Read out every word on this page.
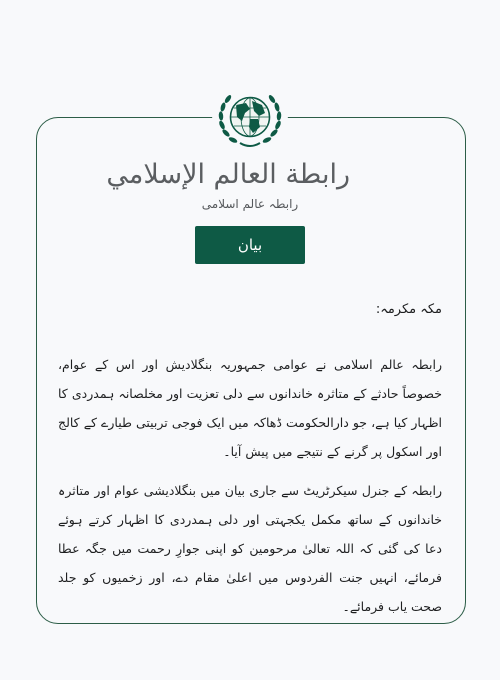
رابطة العالم الإسلامي
رابطہ عالم اسلامی
بیان

مکہ مکرمہ:

رابطہ عالم اسلامی نے عوامی جمہوریہ بنگلادیش اور اس کے عوام، خصوصاً حادثے کے متاثرہ خاندانوں سے دلی تعزیت اور مخلصانہ ہمدردی کا اظہار کیا ہے، جو دارالحکومت ڈھاکہ میں ایک فوجی تربیتی طیارے کے کالج اور اسکول پر گرنے کے نتیجے میں پیش آیا۔

رابطہ کے جنرل سیکرٹریٹ سے جاری بیان میں بنگلادیشی عوام اور متاثرہ خاندانوں کے ساتھ مکمل یکجہتی اور دلی ہمدردی کا اظہار کرتے ہوئے دعا کی گئی کہ اللہ تعالیٰ مرحومین کو اپنی جوارِ رحمت میں جگہ عطا فرمائے، انہیں جنت الفردوس میں اعلیٰ مقام دے، اور زخمیوں کو جلد صحت یاب فرمائے۔
